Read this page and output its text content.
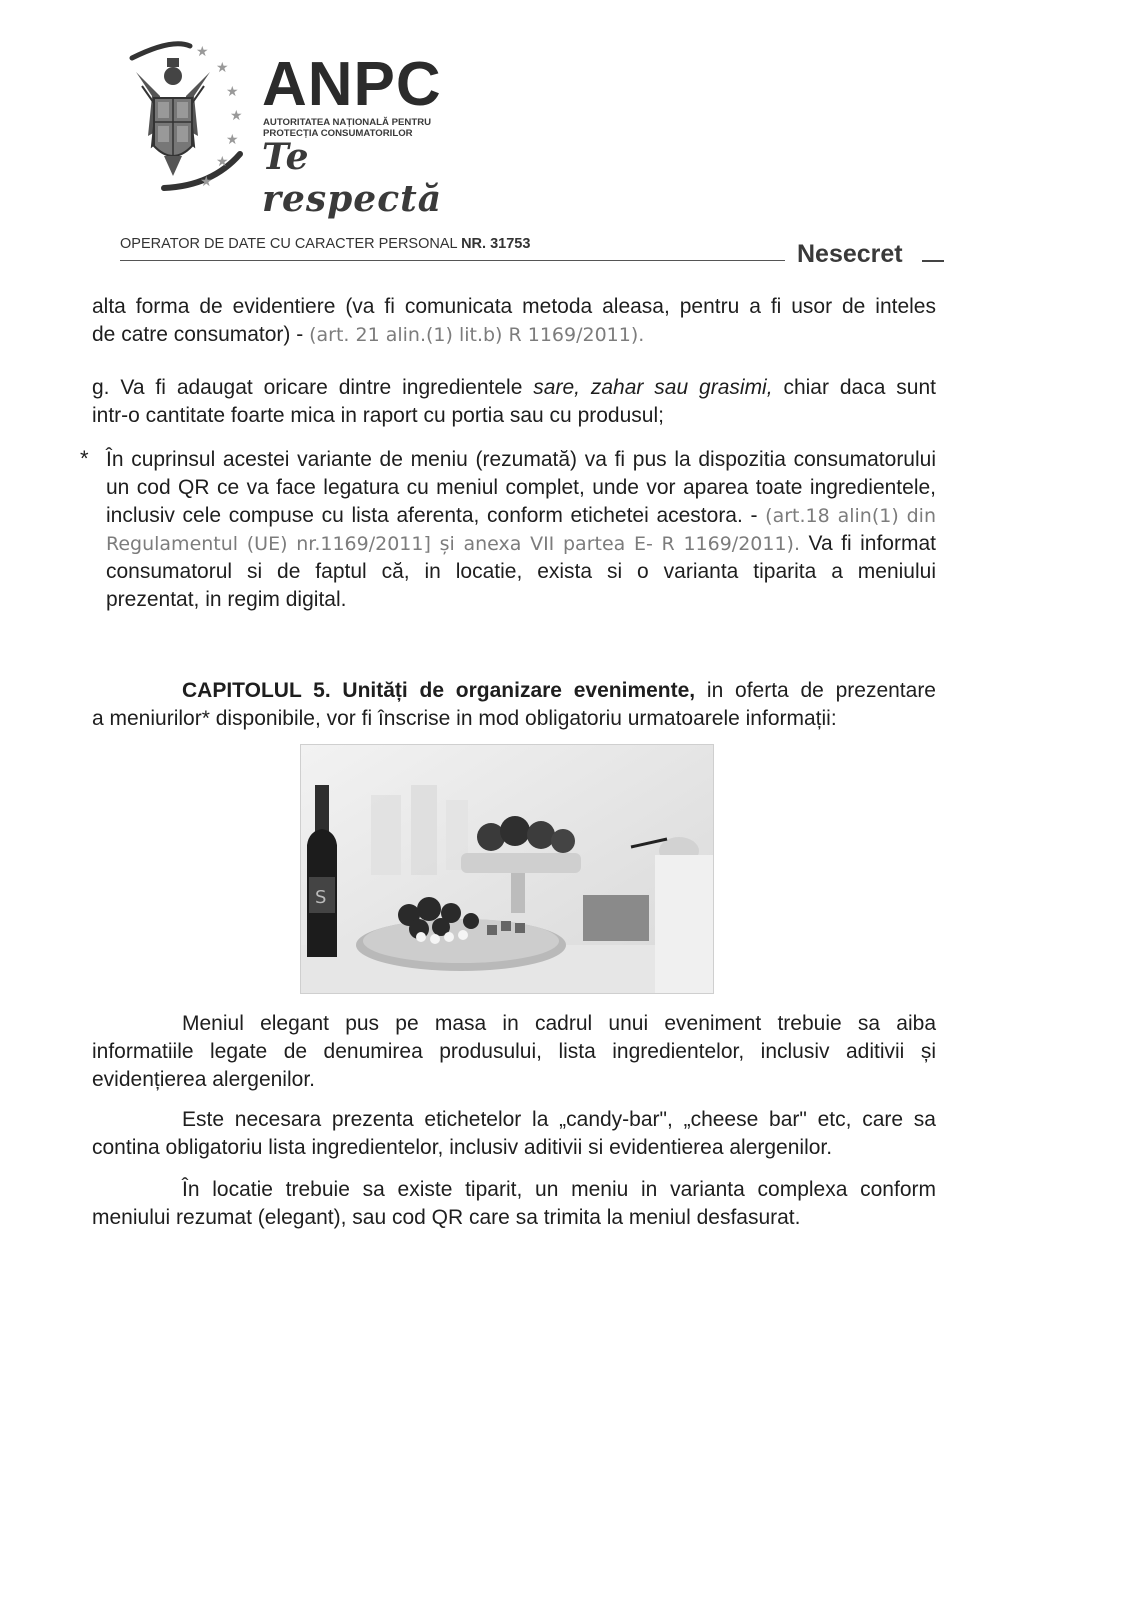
★
★
★
★
★
★
★
ANPC
AUTORITATEA NAȚIONALĂ PENTRU
PROTECȚIA CONSUMATORILOR
Te respectă
OPERATOR DE DATE CU CARACTER PERSONAL NR. 31753	Nesecret
alta forma de evidentiere (va fi comunicata metoda aleasa, pentru a fi usor de inteles
de catre consumator) - (art. 21 alin.(1) lit.b) R 1169/2011).
g. Va fi adaugat oricare dintre ingredientele sare, zahar sau grasimi, chiar daca sunt
intr-o cantitate foarte mica in raport cu portia sau cu produsul;
* În cuprinsul acestei variante de meniu (rezumată) va fi pus la dispozitia consumatorului
un cod QR ce va face legatura cu meniul complet, unde vor aparea toate ingredientele,
inclusiv cele compuse cu lista aferenta, conform etichetei acestora. - (art.18 alin(1) din
Regulamentul (UE) nr.1169/2011] și anexa VII partea E- R 1169/2011). Va fi informat
consumatorul si de faptul că, in locatie, exista si o varianta tiparita a meniului
prezentat, in regim digital.
CAPITOLUL 5. Unități de organizare evenimente, in oferta de prezentare
a meniurilor* disponibile, vor fi înscrise in mod obligatoriu urmatoarele informații:
S
Meniul elegant pus pe masa in cadrul unui eveniment trebuie sa aiba
informatiile legate de denumirea produsului, lista ingredientelor, inclusiv aditivii și
evidențierea alergenilor.
Este necesara prezenta etichetelor la „candy-bar", „cheese bar" etc, care sa
contina obligatoriu lista ingredientelor, inclusiv aditivii si evidentierea alergenilor.
În locatie trebuie sa existe tiparit, un meniu in varianta complexa conform
meniului rezumat (elegant), sau cod QR care sa trimita la meniul desfasurat.
